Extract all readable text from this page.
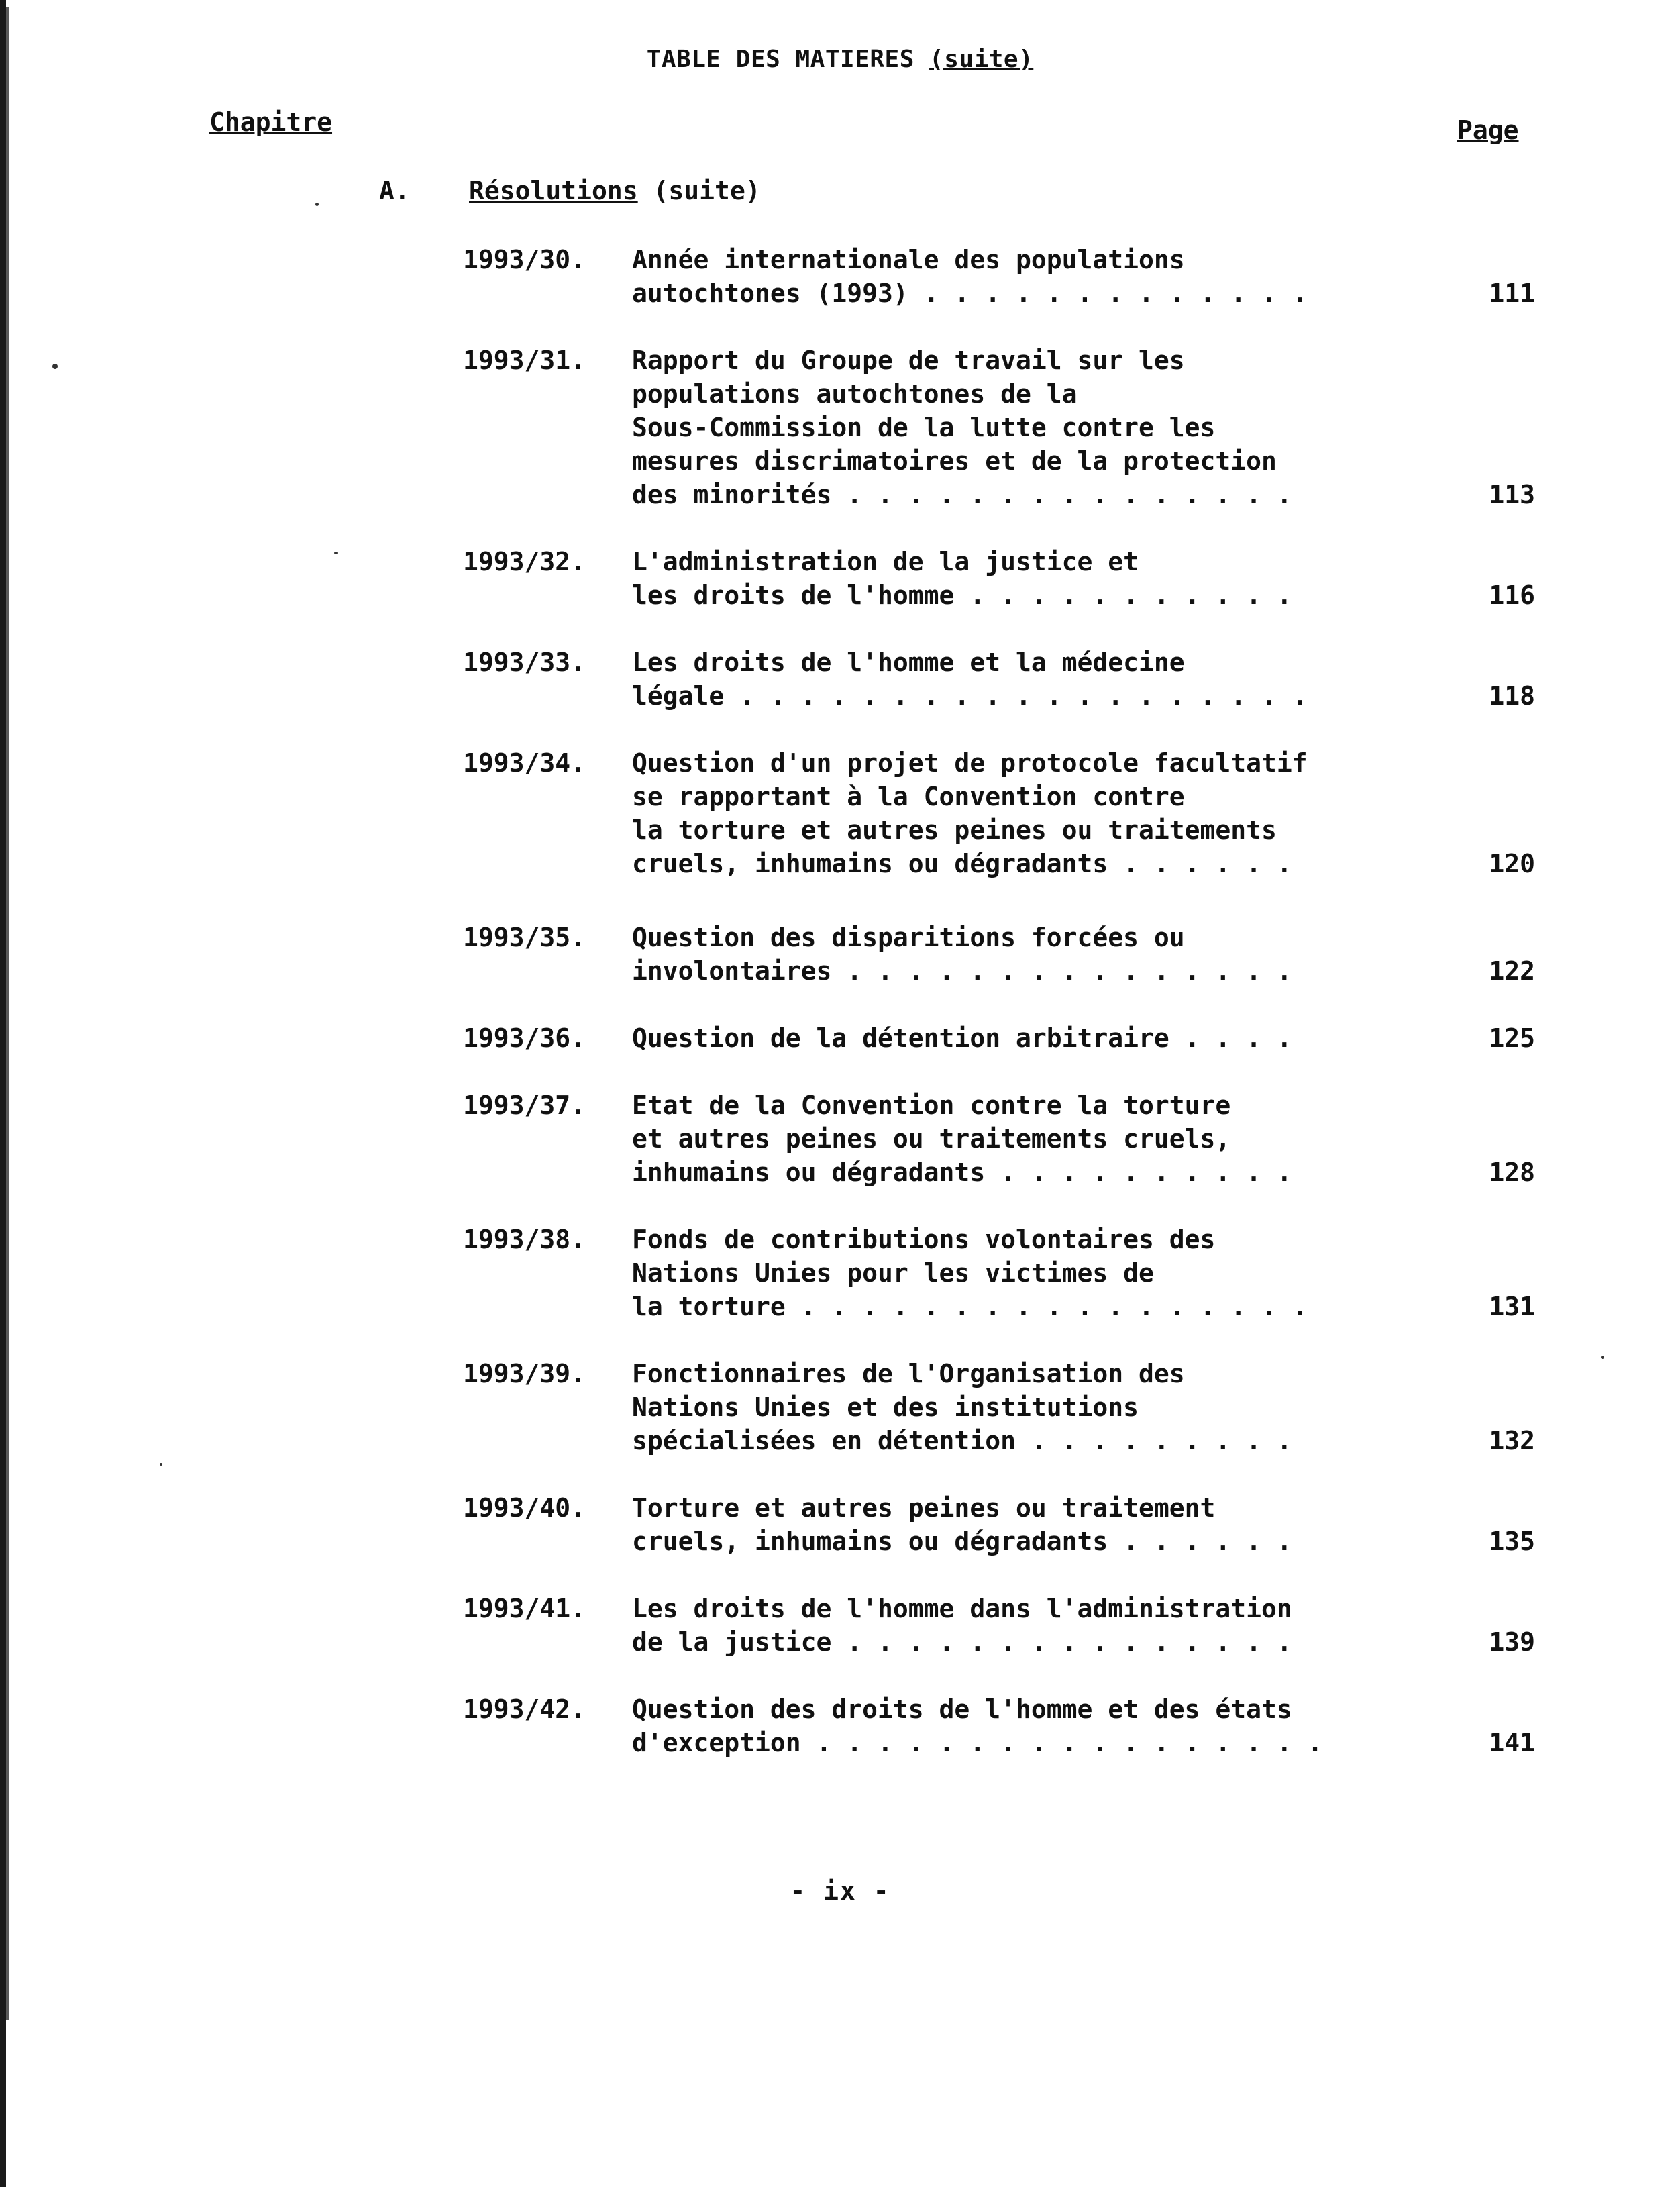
TABLE DES MATIERES (suite)
Chapitre	Page
A. Résolutions (suite)
1993/30.	Année internationale des populations
autochtones (1993) . . . . . . . . . . . . .	111
1993/31.	Rapport du Groupe de travail sur les
populations autochtones de la
Sous-Commission de la lutte contre les
mesures discrimatoires et de la protection
des minorités . . . . . . . . . . . . . . .	113
1993/32.	L'administration de la justice et
les droits de l'homme . . . . . . . . . . .	116
1993/33.	Les droits de l'homme et la médecine
légale . . . . . . . . . . . . . . . . . . .	118
1993/34.	Question d'un projet de protocole facultatif
se rapportant à la Convention contre
la torture et autres peines ou traitements
cruels, inhumains ou dégradants . . . . . .	120
1993/35.	Question des disparitions forcées ou
involontaires . . . . . . . . . . . . . . .	122
1993/36.	Question de la détention arbitraire . . . .	125
1993/37.	Etat de la Convention contre la torture
et autres peines ou traitements cruels,
inhumains ou dégradants . . . . . . . . . .	128
1993/38.	Fonds de contributions volontaires des
Nations Unies pour les victimes de
la torture . . . . . . . . . . . . . . . . .	131
1993/39.	Fonctionnaires de l'Organisation des
Nations Unies et des institutions
spécialisées en détention . . . . . . . . .	132
1993/40.	Torture et autres peines ou traitement
cruels, inhumains ou dégradants . . . . . .	135
1993/41.	Les droits de l'homme dans l'administration
de la justice . . . . . . . . . . . . . . .	139
1993/42.	Question des droits de l'homme et des états
d'exception . . . . . . . . . . . . . . . . .	141
- ix -
